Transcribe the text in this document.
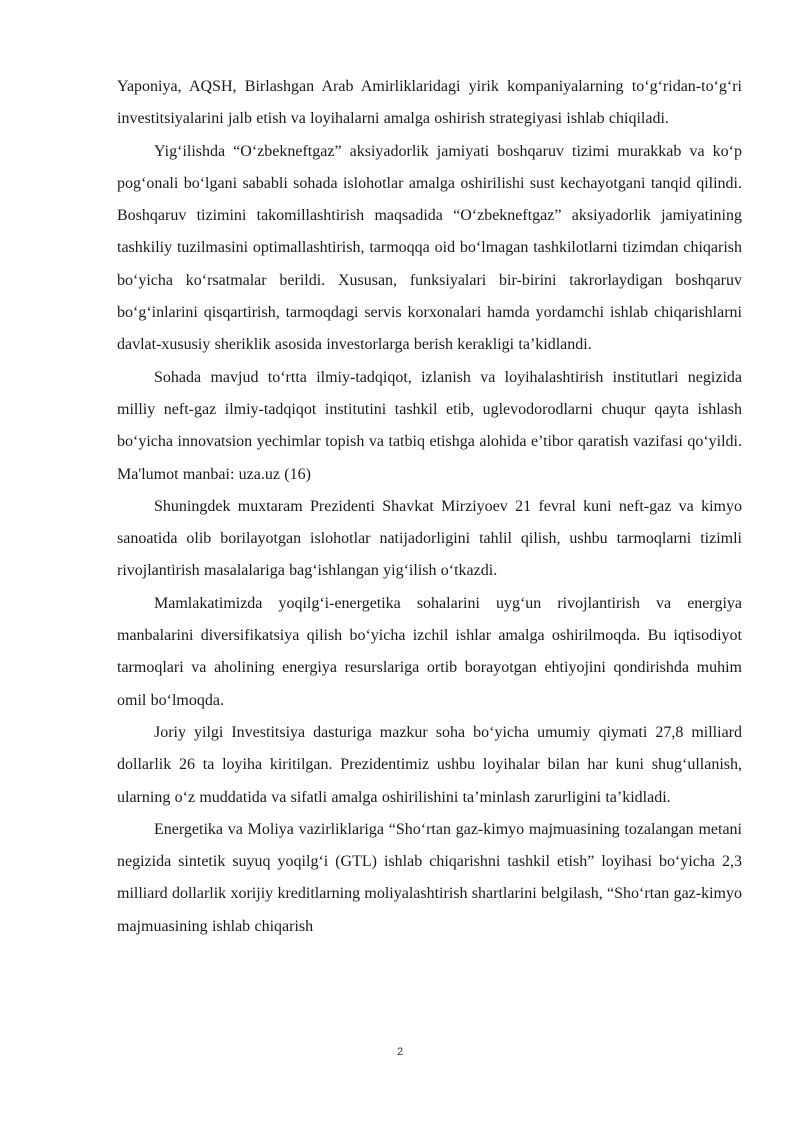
Yaponiya, AQSH, Birlashgan Arab Amirliklaridagi yirik kompaniyalarning to‘g‘ridan-to‘g‘ri investitsiyalarini jalb etish va loyihalarni amalga oshirish strategiyasi ishlab chiqiladi.

Yig‘ilishda “O‘zbekneftgaz” aksiyadorlik jamiyati boshqaruv tizimi murakkab va ko‘p pog‘onali bo‘lgani sababli sohada islohotlar amalga oshirilishi sust kechayotgani tanqid qilindi. Boshqaruv tizimini takomillashtirish maqsadida “O‘zbekneftgaz” aksiyadorlik jamiyatining tashkiliy tuzilmasini optimallashtirish, tarmoqqa oid bo‘lmagan tashkilotlarni tizimdan chiqarish bo‘yicha ko‘rsatmalar berildi. Xususan, funksiyalari bir-birini takrorlaydigan boshqaruv bo‘g‘inlarini qisqartirish, tarmoqdagi servis korxonalari hamda yordamchi ishlab chiqarishlarni davlat-xususiy sheriklik asosida investorlarga berish kerakligi ta’kidlandi.

Sohada mavjud to‘rtta ilmiy-tadqiqot, izlanish va loyihalashtirish institutlari negizida milliy neft-gaz ilmiy-tadqiqot institutini tashkil etib, uglevodorodlarni chuqur qayta ishlash bo‘yicha innovatsion yechimlar topish va tatbiq etishga alohida e’tibor qaratish vazifasi qo‘yildi. Ma'lumot manbai: uza.uz (16)

Shuningdek muxtaram Prezidenti Shavkat Mirziyoev 21 fevral kuni neft-gaz va kimyo sanoatida olib borilayotgan islohotlar natijadorligini tahlil qilish, ushbu tarmoqlarni tizimli rivojlantirish masalalariga bag‘ishlangan yig‘ilish o‘tkazdi.

Mamlakatimizda yoqilg‘i-energetika sohalarini uyg‘un rivojlantirish va energiya manbalarini diversifikatsiya qilish bo‘yicha izchil ishlar amalga oshirilmoqda. Bu iqtisodiyot tarmoqlari va aholining energiya resurslariga ortib borayotgan ehtiyojini qondirishda muhim omil bo‘lmoqda.

Joriy yilgi Investitsiya dasturiga mazkur soha bo‘yicha umumiy qiymati 27,8 milliard dollarlik 26 ta loyiha kiritilgan. Prezidentimiz ushbu loyihalar bilan har kuni shug‘ullanish, ularning o‘z muddatida va sifatli amalga oshirilishini ta’minlash zarurligini ta’kidladi.

Energetika va Moliya vazirliklariga “Sho‘rtan gaz-kimyo majmuasining tozalangan metani negizida sintetik suyuq yoqilg‘i (GTL) ishlab chiqarishni tashkil etish” loyihasi bo‘yicha 2,3 milliard dollarlik xorijiy kreditlarning moliyalashtirish shartlarini belgilash, “Sho‘rtan gaz-kimyo majmuasining ishlab chiqarish

2
